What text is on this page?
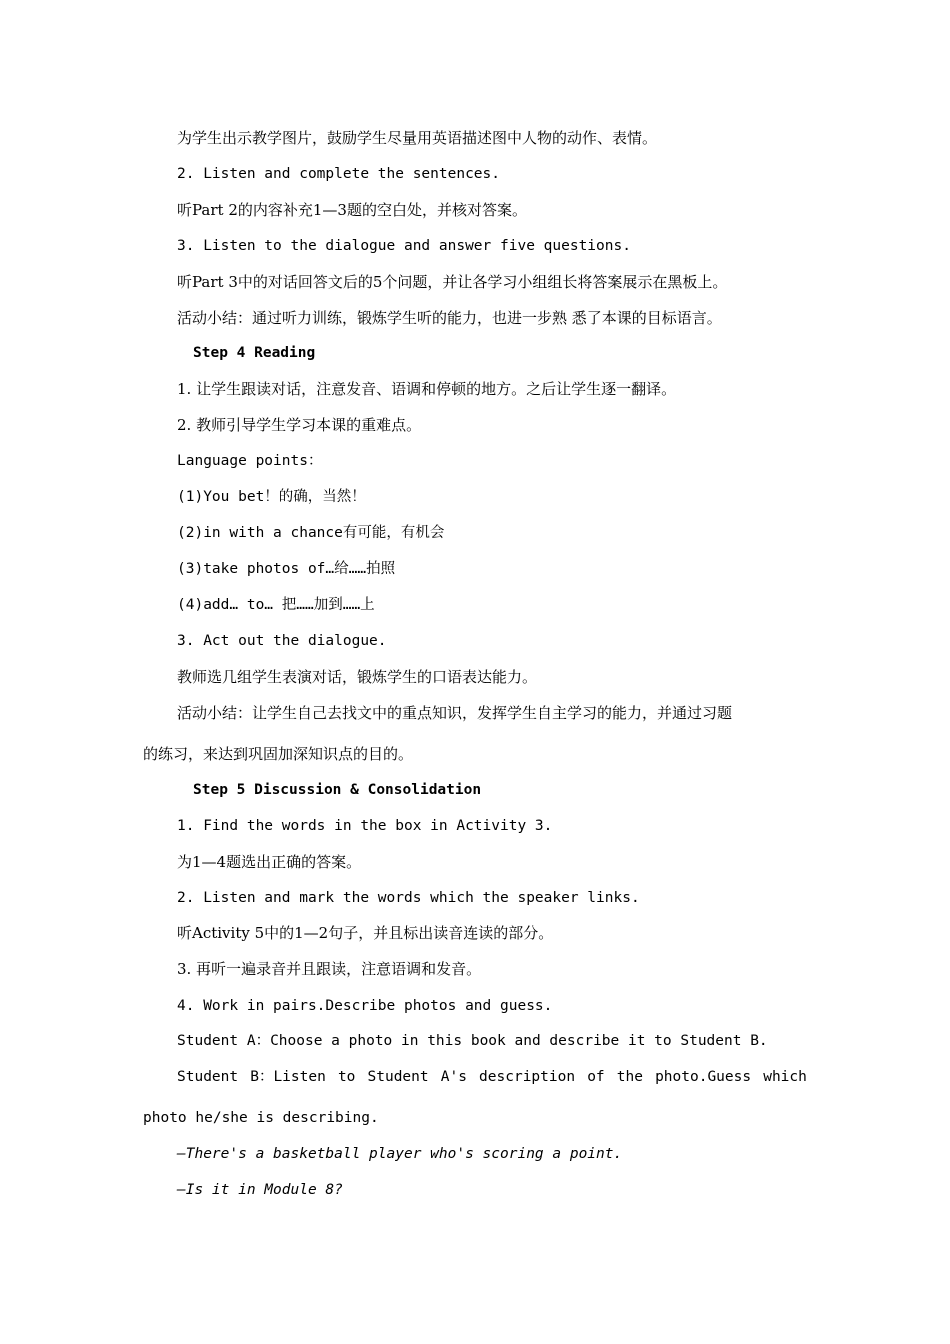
为学生出示教学图片，鼓励学生尽量用英语描述图中人物的动作、表情。
2. Listen and complete the sentences.
听Part 2的内容补充1—3题的空白处，并核对答案。
3. Listen to the dialogue and answer five questions.
听Part 3中的对话回答文后的5个问题，并让各学习小组组长将答案展示在黑板上。
活动小结：通过听力训练，锻炼学生听的能力，也进一步熟 悉了本课的目标语言。
Step 4 Reading
1. 让学生跟读对话，注意发音、语调和停顿的地方。之后让学生逐一翻译。
2. 教师引导学生学习本课的重难点。
Language points：
(1)You bet！的确，当然！
(2)in with a chance有可能，有机会
(3)take photos of…给……拍照
(4)add… to… 把……加到……上
3. Act out the dialogue.
教师选几组学生表演对话，锻炼学生的口语表达能力。
活动小结：让学生自己去找文中的重点知识，发挥学生自主学习的能力，并通过习题
的练习，来达到巩固加深知识点的目的。
Step 5 Discussion & Consolidation
1. Find the words in the box in Activity 3.
为1—4题选出正确的答案。
2. Listen and mark the words which the speaker links.
听Activity 5中的1—2句子，并且标出读音连读的部分。
3. 再听一遍录音并且跟读，注意语调和发音。
4. Work in pairs.Describe photos and guess.
Student A：Choose a photo in this book and describe it to Student B.
Student B：Listen to Student A's description of the photo.Guess which
photo he/she is describing.
—There's a basketball player who's scoring a point.
—Is it in Module 8?
